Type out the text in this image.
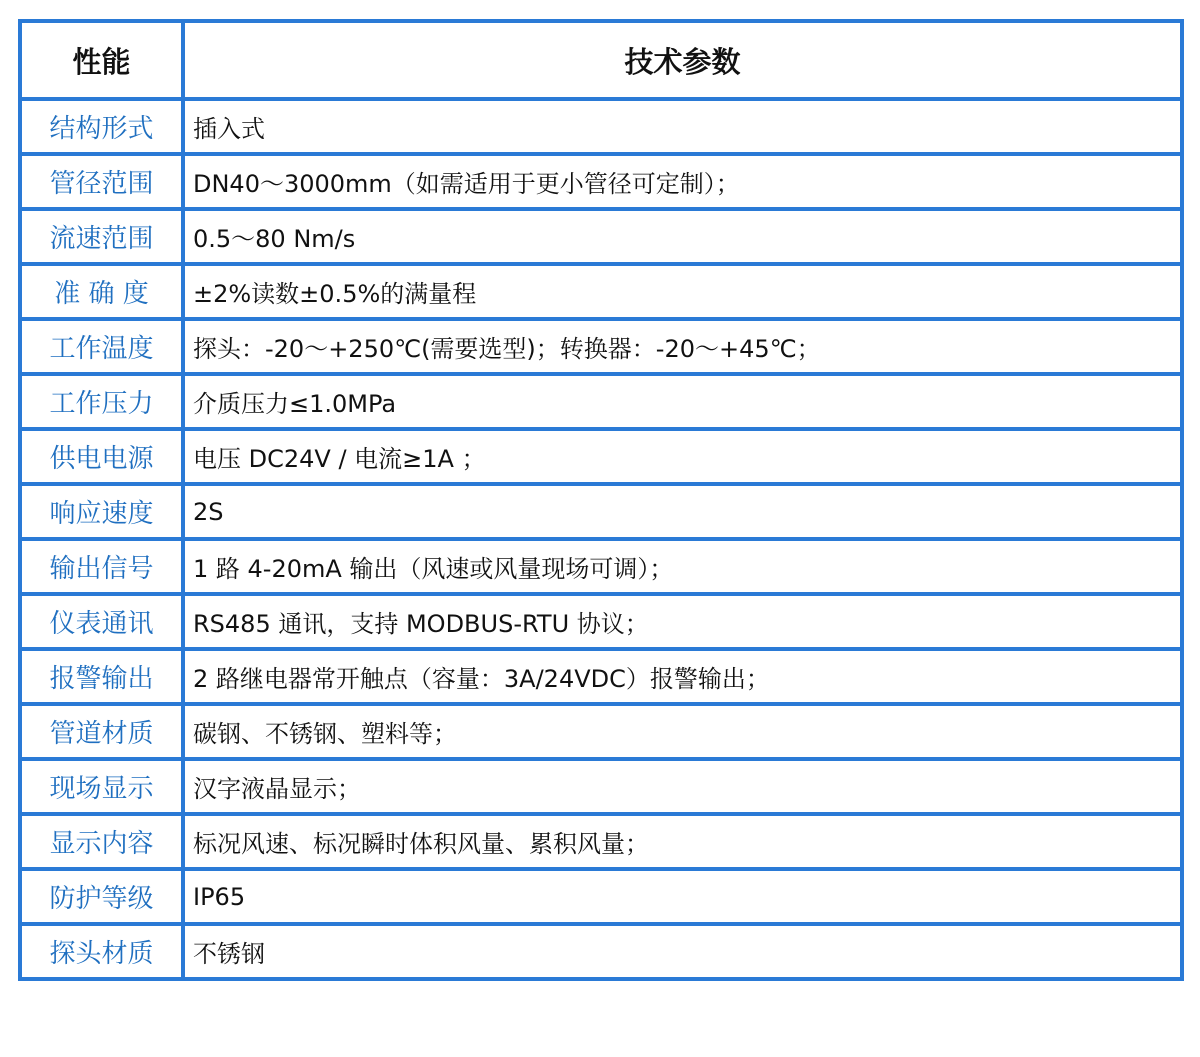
性能	技术参数
结构形式	插入式
管径范围	DN40～3000mm（如需适用于更小管径可定制）；
流速范围	0.5～80 Nm/s
准 确 度	±2%读数±0.5%的满量程
工作温度	探头：-20～+250℃(需要选型)；转换器：-20～+45℃；
工作压力	介质压力≤1.0MPa
供电电源	电压 DC24V / 电流≥1A ；
响应速度	2S
输出信号	1 路 4-20mA 输出（风速或风量现场可调）；
仪表通讯	RS485 通讯，支持 MODBUS-RTU 协议；
报警输出	2 路继电器常开触点（容量：3A/24VDC）报警输出；
管道材质	碳钢、不锈钢、塑料等；
现场显示	汉字液晶显示；
显示内容	标况风速、标况瞬时体积风量、累积风量；
防护等级	IP65
探头材质	不锈钢
